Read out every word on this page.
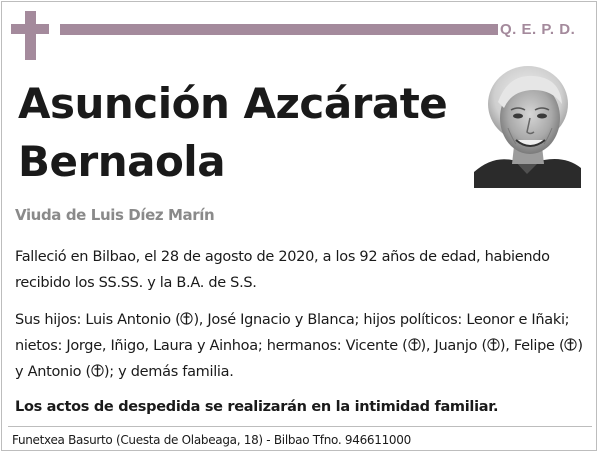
Q. E. P. D.
Asunción Azcárate
Bernaola
Viuda de Luis Díez Marín

Falleció en Bilbao, el 28 de agosto de 2020, a los 92 años de edad, habiendo recibido los SS.SS. y la B.A. de S.S.

Sus hijos: Luis Antonio ( ), José Ignacio y Blanca; hijos políticos: Leonor e Iñaki; nietos: Jorge, Iñigo, Laura y Ainhoa; hermanos: Vicente ( ), Juanjo ( ), Felipe ( ) y Antonio ( ); y demás familia.

Los actos de despedida se realizarán en la intimidad familiar.
Funetxea Basurto (Cuesta de Olabeaga, 18) - Bilbao Tfno. 946611000
